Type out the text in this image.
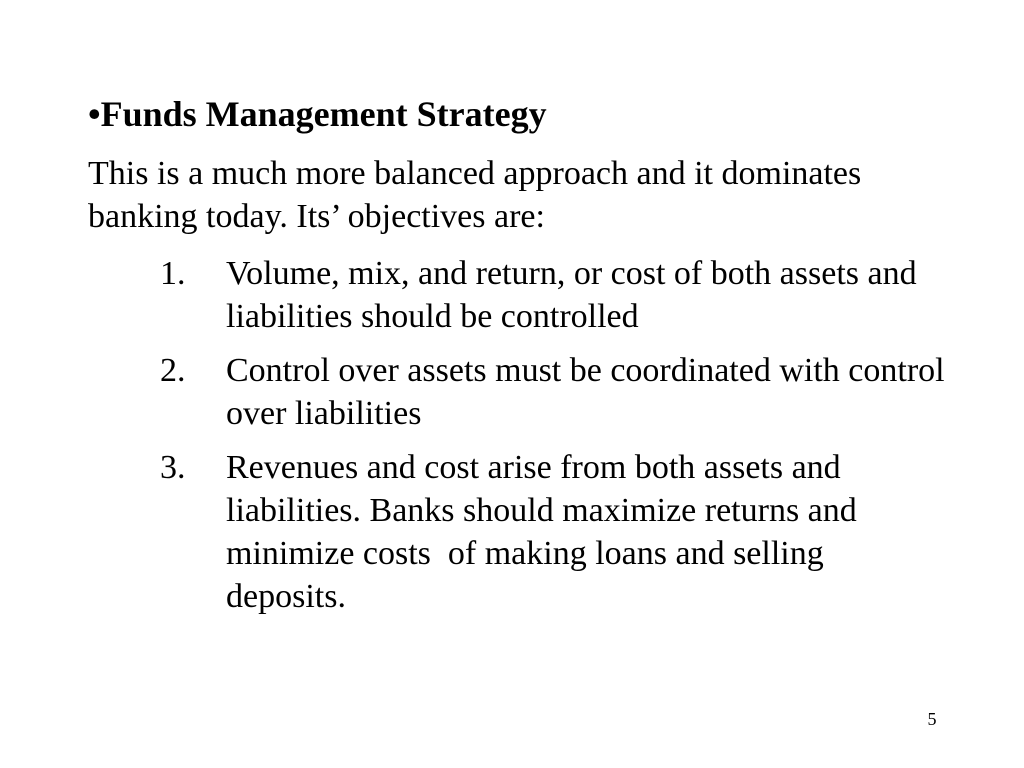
•Funds Management Strategy
This is a much more balanced approach and it dominates banking today. Its’ objectives are:
1. Volume, mix, and return, or cost of both assets and liabilities should be controlled
2. Control over assets must be coordinated with control over liabilities
3. Revenues and cost arise from both assets and liabilities. Banks should maximize returns and minimize costs  of making loans and selling deposits.
5
